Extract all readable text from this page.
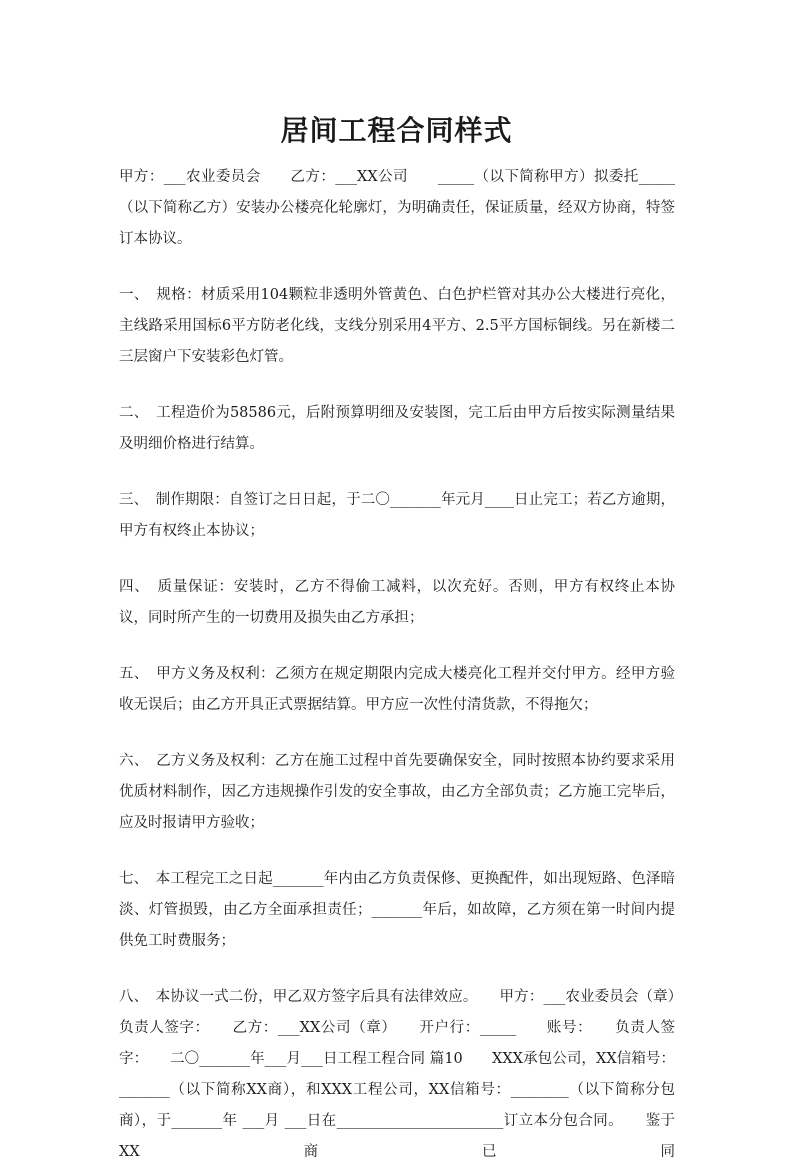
居间工程合同样式

甲方：___农业委员会　　乙方：___XX公司　　_____（以下简称甲方）拟委托_____（以下简称乙方）安装办公楼亮化轮廓灯，为明确责任，保证质量，经双方协商，特签订本协议。

一、　规格：材质采用104颗粒非透明外管黄色、白色护栏管对其办公大楼进行亮化，主线路采用国标6平方防老化线，支线分别采用4平方、2.5平方国标铜线。另在新楼二三层窗户下安装彩色灯管。

二、　工程造价为58586元，后附预算明细及安装图，完工后由甲方后按实际测量结果及明细价格进行结算。

三、　制作期限：自签订之日日起，于二〇_______年元月____日止完工；若乙方逾期，甲方有权终止本协议；

四、　质量保证：安装时，乙方不得偷工减料，以次充好。否则，甲方有权终止本协议，同时所产生的一切费用及损失由乙方承担；

五、　甲方义务及权利：乙须方在规定期限内完成大楼亮化工程并交付甲方。经甲方验收无误后；由乙方开具正式票据结算。甲方应一次性付清货款，不得拖欠；

六、　乙方义务及权利：乙方在施工过程中首先要确保安全，同时按照本协约要求采用优质材料制作，因乙方违规操作引发的安全事故，由乙方全部负责；乙方施工完毕后，应及时报请甲方验收；

七、　本工程完工之日起_______年内由乙方负责保修、更换配件，如出现短路、色泽暗淡、灯管损毁，由乙方全面承担责任；_______年后，如故障，乙方须在第一时间内提供免工时费服务；

八、　本协议一式二份，甲乙双方签字后具有法律效应。　　甲方：___农业委员会（章）　　负责人签字：　　乙方：___XX公司（章）　　开户行：_____　　账号：　　负责人签字：　　二〇_______年___月___日工程工程合同 篇10　　XXX承包公司，XX信箱号：_______（以下简称XX商），和XXX工程公司，XX信箱号：________（以下简称分包商），于_______年 ___月 ___日在_______________________订立本分包合同。　　鉴于XX商已同
